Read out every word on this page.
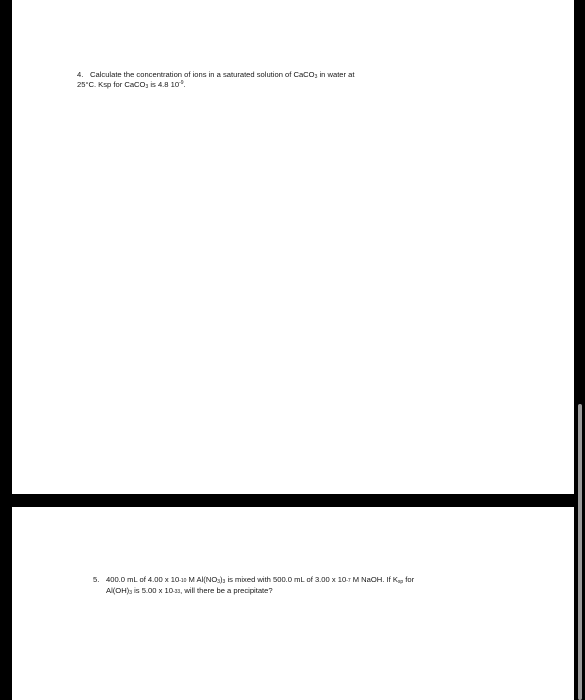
4. Calculate the concentration of ions in a saturated solution of CaCO$_3$ in water at
25°C. Ksp for CaCO$_3$ is 4.8 $10^{-9}$.
5. 400.0 mL of 4.00 x 10-10 M $Al(NO_3)_3$ is mixed with 500.0 mL of 3.00 x 10-7 M NaOH. If $K_{sp}$ for
$Al(OH)_3$ is 5.00 x 10-33, will there be a precipitate?
